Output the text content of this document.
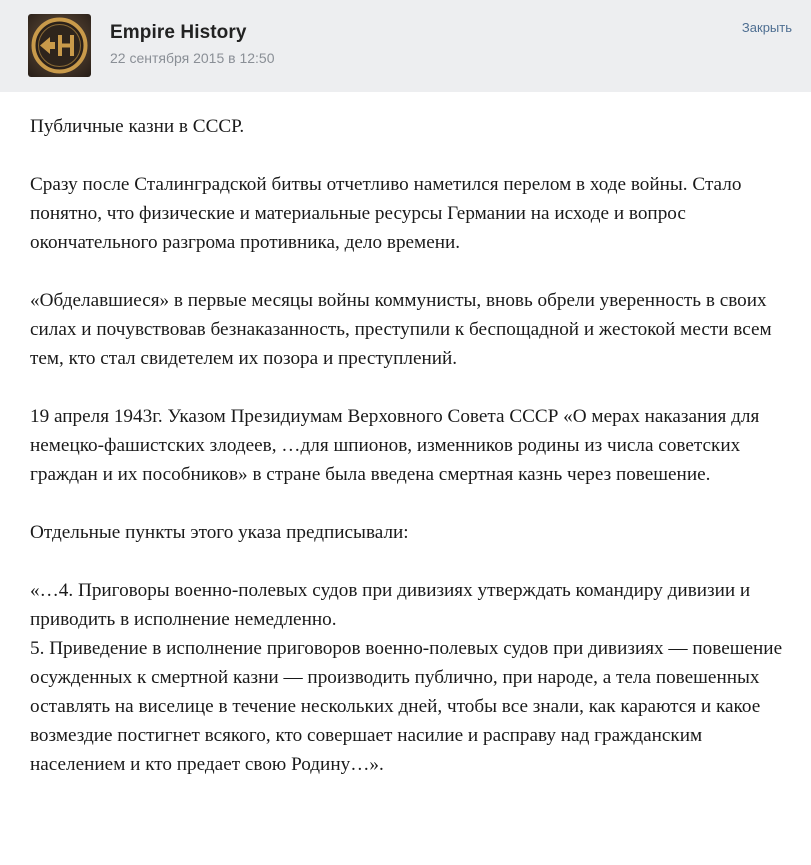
Empire History
22 сентября 2015 в 12:50
Закрыть

Публичные казни в СССР.

Сразу после Сталинградской битвы отчетливо наметился перелом в ходе войны. Стало понятно, что физические и материальные ресурсы Германии на исходе и вопрос окончательного разгрома противника, дело времени.

«Обделавшиеся» в первые месяцы войны коммунисты, вновь обрели уверенность в своих силах и почувствовав безнаказанность, преступили к беспощадной и жестокой мести всем тем, кто стал свидетелем их позора и преступлений.

19 апреля 1943г. Указом Президиумам Верховного Совета СССР «О мерах наказания для немецко-фашистских злодеев, …для шпионов, изменников родины из числа советских граждан и их пособников» в стране была введена смертная казнь через повешение.

Отдельные пункты этого указа предписывали:

«…4. Приговоры военно-полевых судов при дивизиях утверждать командиру дивизии и приводить в исполнение немедленно.

5. Приведение в исполнение приговоров военно-полевых судов при дивизиях — повешение осужденных к смертной казни — производить публично, при народе, а тела повешенных оставлять на виселице в течение нескольких дней, чтобы все знали, как караются и какое возмездие постигнет всякого, кто совершает насилие и расправу над гражданским населением и кто предает свою Родину…».
